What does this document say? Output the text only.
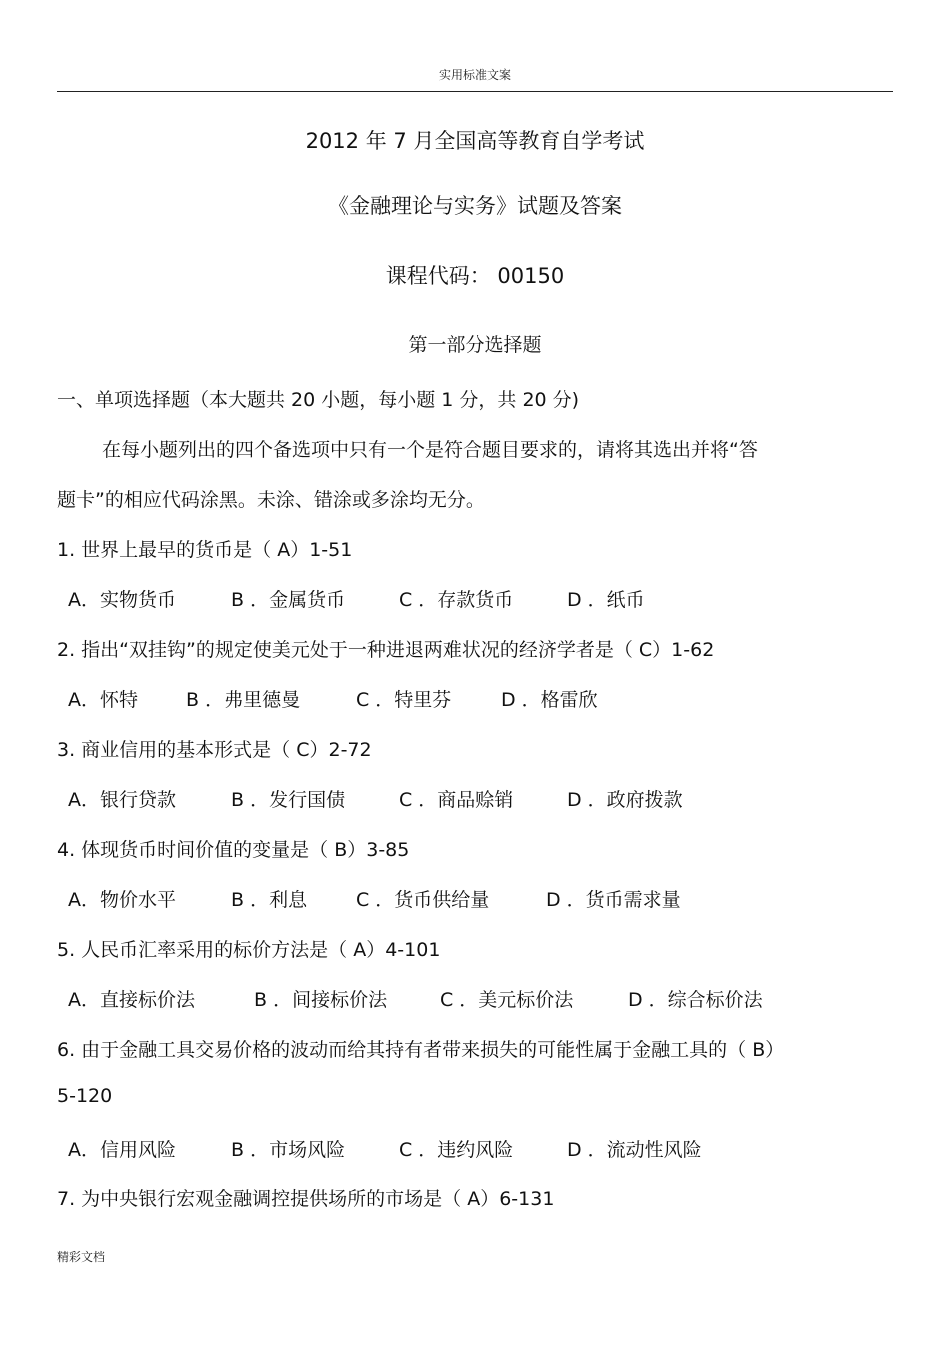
实用标准文案
2012 年 7 月全国高等教育自学考试
《金融理论与实务》试题及答案
课程代码： 00150
第一部分选择题
一、单项选择题（本大题共 20 小题，每小题 1 分，共 20 分)
在每小题列出的四个备选项中只有一个是符合题目要求的，请将其选出并将“答
题卡”的相应代码涂黑。未涂、错涂或多涂均无分。
1. 世界上最早的货币是（ A）1-51
A．实物货币	B ．金属货币	C ．存款货币	D ．纸币
2. 指出“双挂钩”的规定使美元处于一种进退两难状况的经济学者是（ C）1-62
A．怀特	B ．弗里德曼	C ．特里芬	D ．格雷欣
3. 商业信用的基本形式是（ C）2-72
A．银行贷款	B ．发行国债	C ．商品赊销	D ．政府拨款
4. 体现货币时间价值的变量是（ B）3-85
A．物价水平	B ．利息	C ．货币供给量	D ．货币需求量
5. 人民币汇率采用的标价方法是（ A）4-101
A．直接标价法	B ．间接标价法	C ．美元标价法	D ．综合标价法
6. 由于金融工具交易价格的波动而给其持有者带来损失的可能性属于金融工具的（ B）
5-120
A．信用风险	B ．市场风险	C ．违约风险	D ．流动性风险
7. 为中央银行宏观金融调控提供场所的市场是（ A）6-131
精彩文档
